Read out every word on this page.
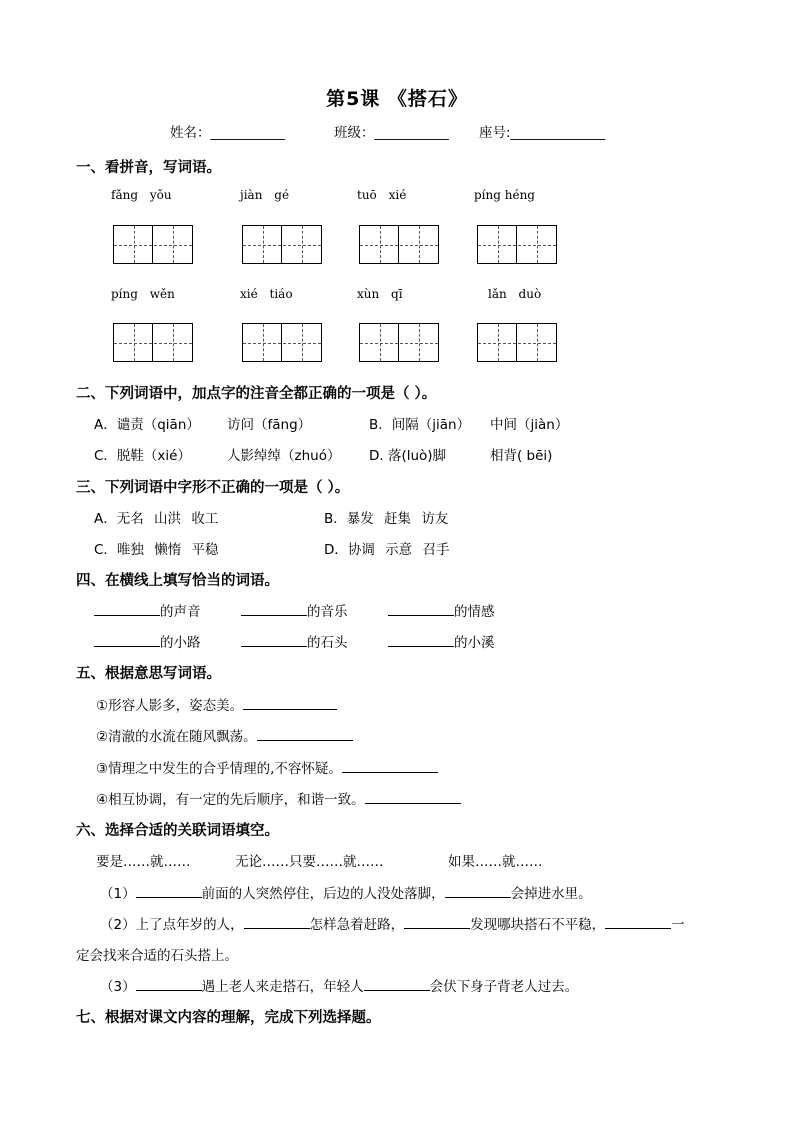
第5课 《搭石》
姓名：___________	班级：___________ 座号:______________
一、看拼音，写词语。
fǎng yǒu	jiàn gé	tuō xié	píng héng
píng wěn	xié tiáo	xùn qī	lǎn duò
二、下列词语中，加点字的注音全都正确的一项是（ ）。
A．谴责（qiān） 访问（fāng）	B．间隔（jiān） 中间（jiàn）
C．脱鞋（xié）	人影绰绰（zhuó） D. 落(luò)脚	相背( bēi)
三、下列词语中字形不正确的一项是（ ）。
A．无名 山洪 收工	B．暴发 赶集 访友
C．唯独 懒惰 平稳	D．协调 示意 召手
四、在横线上填写恰当的词语。
的声音	的音乐	的情感
的小路	的石头	的小溪
五、根据意思写词语。
①形容人影多，姿态美。
②清澈的水流在随风飘荡。
③情理之中发生的合乎情理的,不容怀疑。
④相互协调，有一定的先后顺序，和谐一致。
六、选择合适的关联词语填空。
要是……就……	无论……只要……就……	如果……就……
（1）	前面的人突然停住，后边的人没处落脚，	会掉进水里。
（2）上了点年岁的人，	怎样急着赶路，	发现哪块搭石不平稳，	一
定会找来合适的石头搭上。
（3）	遇上老人来走搭石，年轻人	会伏下身子背老人过去。
七、根据对课文内容的理解，完成下列选择题。
